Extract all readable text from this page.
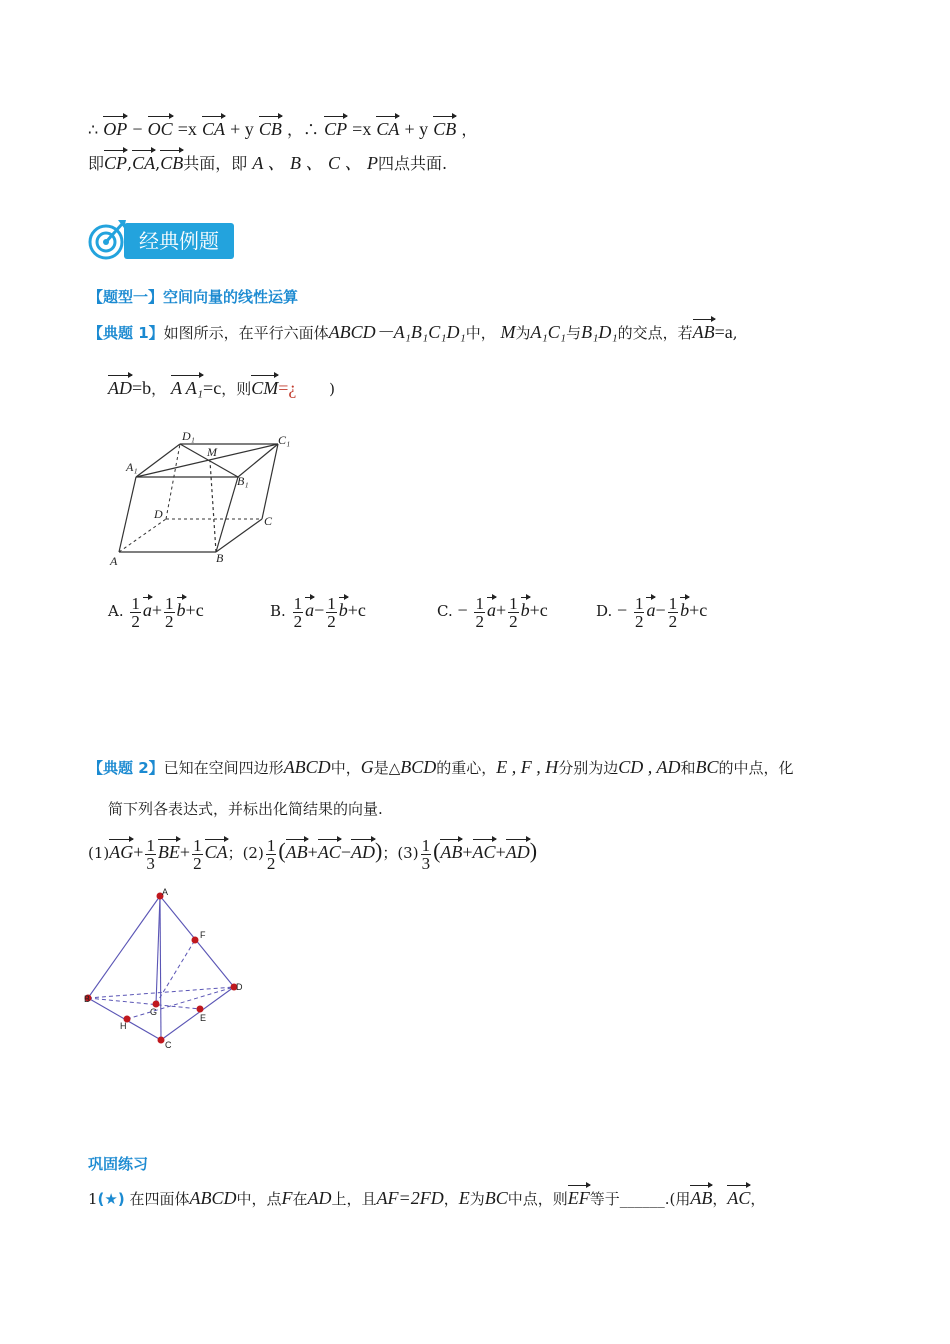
∴ OP − OC =x CA + y CB ，∴ CP =x CA + y CB ，
即CP,CA,CB共面，即 A 、 B 、 C 、 P四点共面.
经典例题
【题型一】空间向量的线性运算
【典题 1】如图所示，在平行六面体ABCD－A₁B₁C₁D₁中， M为A₁C₁与B₁D₁的交点，若AB=a,
AD=b， A A₁=c，则CM=¿ )
D₁	C₁
M
A₁
B₁
D	C
A	B
A. $\frac{1}{2} a+ \frac{1}{2} b+c$	B. $\frac{1}{2} a- \frac{1}{2} b+c$	C. − $\frac{1}{2} a+ \frac{1}{2} b+c$	D. − $\frac{1}{2} a- \frac{1}{2} b+c$
【典题 2】已知在空间四边形ABCD中，G是△BCD的重心，E , F , H分别为边CD , AD和BC的中点，化
简下列各表达式，并标出化简结果的向量.
$(1)AG+ \frac{1}{3} BE+ \frac{1}{2}$ CA；$(2) \frac{1}{2} (AB+AC-AD)$；$(3) \frac{1}{3} (AB+AC+AD)$
A
F
D
B
G
E
H
C
巩固练习
1(★) 在四面体ABCD中，点F在AD上，且AF=2FD，E为BC中点，则EF等于______.(用AB，AC，
